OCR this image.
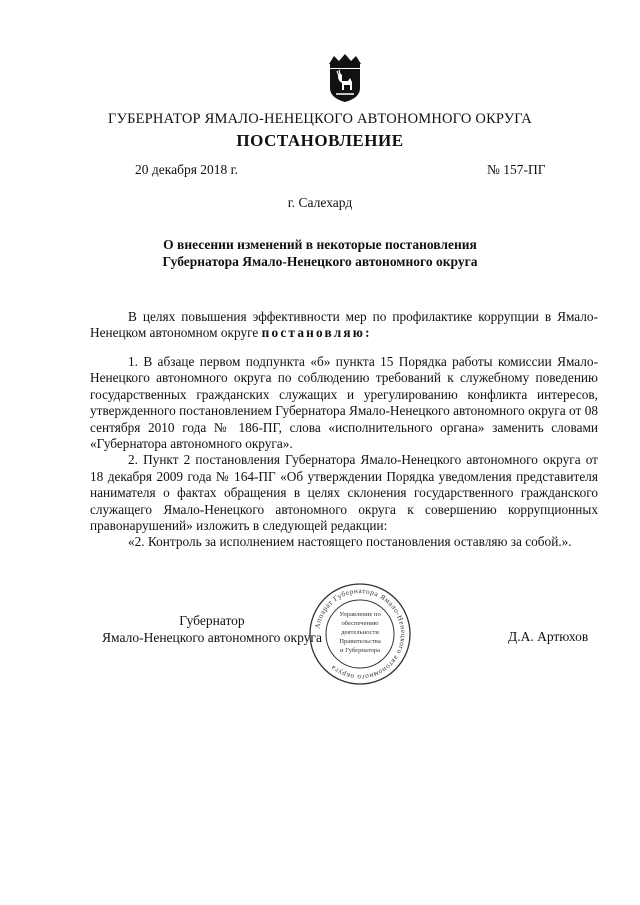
ГУБЕРНАТОР ЯМАЛО-НЕНЕЦКОГО АВТОНОМНОГО ОКРУГА
ПОСТАНОВЛЕНИЕ
20 декабря 2018 г.	№ 157-ПГ
г. Салехард
О внесении изменений в некоторые постановления
Губернатора Ямало-Ненецкого автономного округа

В целях повышения эффективности мер по профилактике коррупции в Ямало-Ненецком автономном округе постановляю:

1. В абзаце первом подпункта «б» пункта 15 Порядка работы комиссии Ямало-Ненецкого автономного округа по соблюдению требований к служебному поведению государственных гражданских служащих и урегулированию конфликта интересов, утвержденного постановлением Губернатора Ямало-Ненецкого автономного округа от 08 сентября 2010 года № 186-ПГ, слова «исполнительного органа» заменить словами «Губернатора автономного округа».

2. Пункт 2 постановления Губернатора Ямало-Ненецкого автономного округа от 18 декабря 2009 года № 164-ПГ «Об утверждении Порядка уведомления представителя нанимателя о фактах обращения в целях склонения государственного гражданского служащего Ямало-Ненецкого автономного округа к совершению коррупционных правонарушений» изложить в следующей редакции:

«2. Контроль за исполнением настоящего постановления оставляю за собой.».

Губернатор
Ямало-Ненецкого автономного округа	Д.А. Артюхов
Аппарат Губернатора Ямало-Ненецкого автономного округа
Управление по
обеспечению
деятельности
Правительства
и Губернатора
